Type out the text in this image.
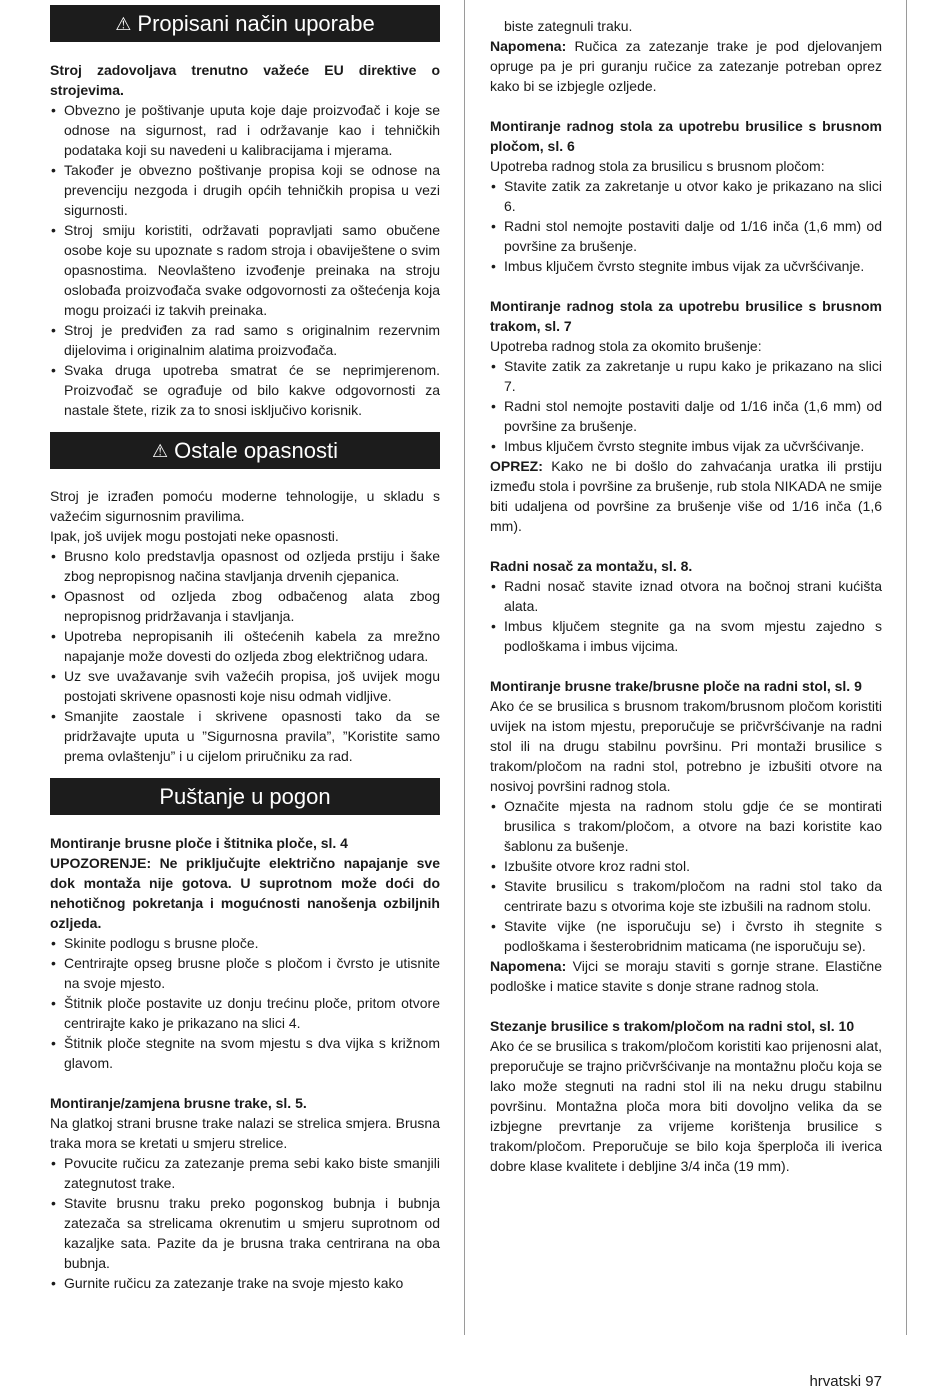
⚠ Propisani način uporabe

Stroj zadovoljava trenutno važeće EU direktive o strojevima.

• Obvezno je poštivanje uputa koje daje proizvođač i koje se odnose na sigurnost, rad i održavanje kao i tehničkih podataka koji su navedeni u kalibracijama i mjerama.
• Također je obvezno poštivanje propisa koji se odnose na prevenciju nezgoda i drugih općih tehničkih propisa u vezi sigurnosti.
• Stroj smiju koristiti, održavati popravljati samo obučene osobe koje su upoznate s radom stroja i obaviještene o svim opasnostima. Neovlašteno izvođenje preinaka na stroju oslobađa proizvođača svake odgovornosti za oštećenja koja mogu proizaći iz takvih preinaka.
• Stroj je predviđen za rad samo s originalnim rezervnim dijelovima i originalnim alatima proizvođača.
• Svaka druga upotreba smatrat će se neprimjerenom. Proizvođač se ograđuje od bilo kakve odgovornosti za nastale štete, rizik za to snosi isključivo korisnik.
⚠ Ostale opasnosti

Stroj je izrađen pomoću moderne tehnologije, u skladu s važećim sigurnosnim pravilima.

Ipak, još uvijek mogu postojati neke opasnosti.

• Brusno kolo predstavlja opasnost od ozljeda prstiju i šake zbog nepropisnog načina stavljanja drvenih cjepanica.
• Opasnost od ozljeda zbog odbačenog alata zbog nepropisnog pridržavanja i stavljanja.
• Upotreba nepropisanih ili oštećenih kabela za mrežno napajanje može dovesti do ozljeda zbog električnog udara.
• Uz sve uvažavanje svih važećih propisa, još uvijek mogu postojati skrivene opasnosti koje nisu odmah vidljive.
• Smanjite zaostale i skrivene opasnosti tako da se pridržavajte uputa u ”Sigurnosna pravila”, ”Koristite samo prema ovlaštenju” i u cijelom priručniku za rad.
Puštanje u pogon

Montiranje brusne ploče i štitnika ploče, sl. 4

UPOZORENJE: Ne priključujte električno napajanje sve dok montaža nije gotova. U suprotnom može doći do nehotičnog pokretanja i mogućnosti nanošenja ozbiljnih ozljeda.

• Skinite podlogu s brusne ploče.
• Centrirajte opseg brusne ploče s pločom i čvrsto je utisnite na svoje mjesto.
• Štitnik ploče postavite uz donju trećinu ploče, pritom otvore centrirajte kako je prikazano na slici 4.
• Štitnik ploče stegnite na svom mjestu s dva vijka s križnom glavom.

Montiranje/zamjena brusne trake, sl. 5.

Na glatkoj strani brusne trake nalazi se strelica smjera. Brusna traka mora se kretati u smjeru strelice.

• Povucite ručicu za zatezanje prema sebi kako biste smanjili zategnutost trake.
• Stavite brusnu traku preko pogonskog bubnja i bubnja zatezača sa strelicama okrenutim u smjeru suprotnom od kazaljke sata. Pazite da je brusna traka centrirana na oba bubnja.
• Gurnite ručicu za zatezanje trake na svoje mjesto kako
biste zategnuli traku.

Napomena: Ručica za zatezanje trake je pod djelovanjem opruge pa je pri guranju ručice za zatezanje potreban oprez kako bi se izbjegle ozljede.

Montiranje radnog stola za upotrebu brusilice s brusnom pločom, sl. 6

Upotreba radnog stola za brusilicu s brusnom pločom:

• Stavite zatik za zakretanje u otvor kako je prikazano na slici 6.
• Radni stol nemojte postaviti dalje od 1/16 inča (1,6 mm) od površine za brušenje.
• Imbus ključem čvrsto stegnite imbus vijak za učvršćivanje.

Montiranje radnog stola za upotrebu brusilice s brusnom trakom, sl. 7

Upotreba radnog stola za okomito brušenje:

• Stavite zatik za zakretanje u rupu kako je prikazano na slici 7.
• Radni stol nemojte postaviti dalje od 1/16 inča (1,6 mm) od površine za brušenje.
• Imbus ključem čvrsto stegnite imbus vijak za učvršćivanje.

OPREZ: Kako ne bi došlo do zahvaćanja uratka ili prstiju između stola i površine za brušenje, rub stola NIKADA ne smije biti udaljena od površine za brušenje više od 1/16 inča (1,6 mm).

Radni nosač za montažu, sl. 8.

• Radni nosač stavite iznad otvora na bočnoj strani kućišta alata.
• Imbus ključem stegnite ga na svom mjestu zajedno s podloškama i imbus vijcima.

Montiranje brusne trake/brusne ploče na radni stol, sl. 9

Ako će se brusilica s brusnom trakom/brusnom pločom koristiti uvijek na istom mjestu, preporučuje se pričvršćivanje na radni stol ili na drugu stabilnu površinu. Pri montaži brusilice s trakom/pločom na radni stol, potrebno je izbušiti otvore na nosivoj površini radnog stola.

• Označite mjesta na radnom stolu gdje će se montirati brusilica s trakom/pločom, a otvore na bazi koristite kao šablonu za bušenje.
• Izbušite otvore kroz radni stol.
• Stavite brusilicu s trakom/pločom na radni stol tako da centrirate bazu s otvorima koje ste izbušili na radnom stolu.
• Stavite vijke (ne isporučuju se) i čvrsto ih stegnite s podloškama i šesterobridnim maticama (ne isporučuju se).

Napomena: Vijci se moraju staviti s gornje strane. Elastične podloške i matice stavite s donje strane radnog stola.

Stezanje brusilice s trakom/pločom na radni stol, sl. 10

Ako će se brusilica s trakom/pločom koristiti kao prijenosni alat, preporučuje se trajno pričvršćivanje na montažnu ploču koja se lako može stegnuti na radni stol ili na neku drugu stabilnu površinu. Montažna ploča mora biti dovoljno velika da se izbjegne prevrtanje za vrijeme korištenja brusilice s trakom/pločom. Preporučuje se bilo koja šperploča ili iverica dobre klase kvalitete i debljine 3/4 inča (19 mm).

hrvatski 97
